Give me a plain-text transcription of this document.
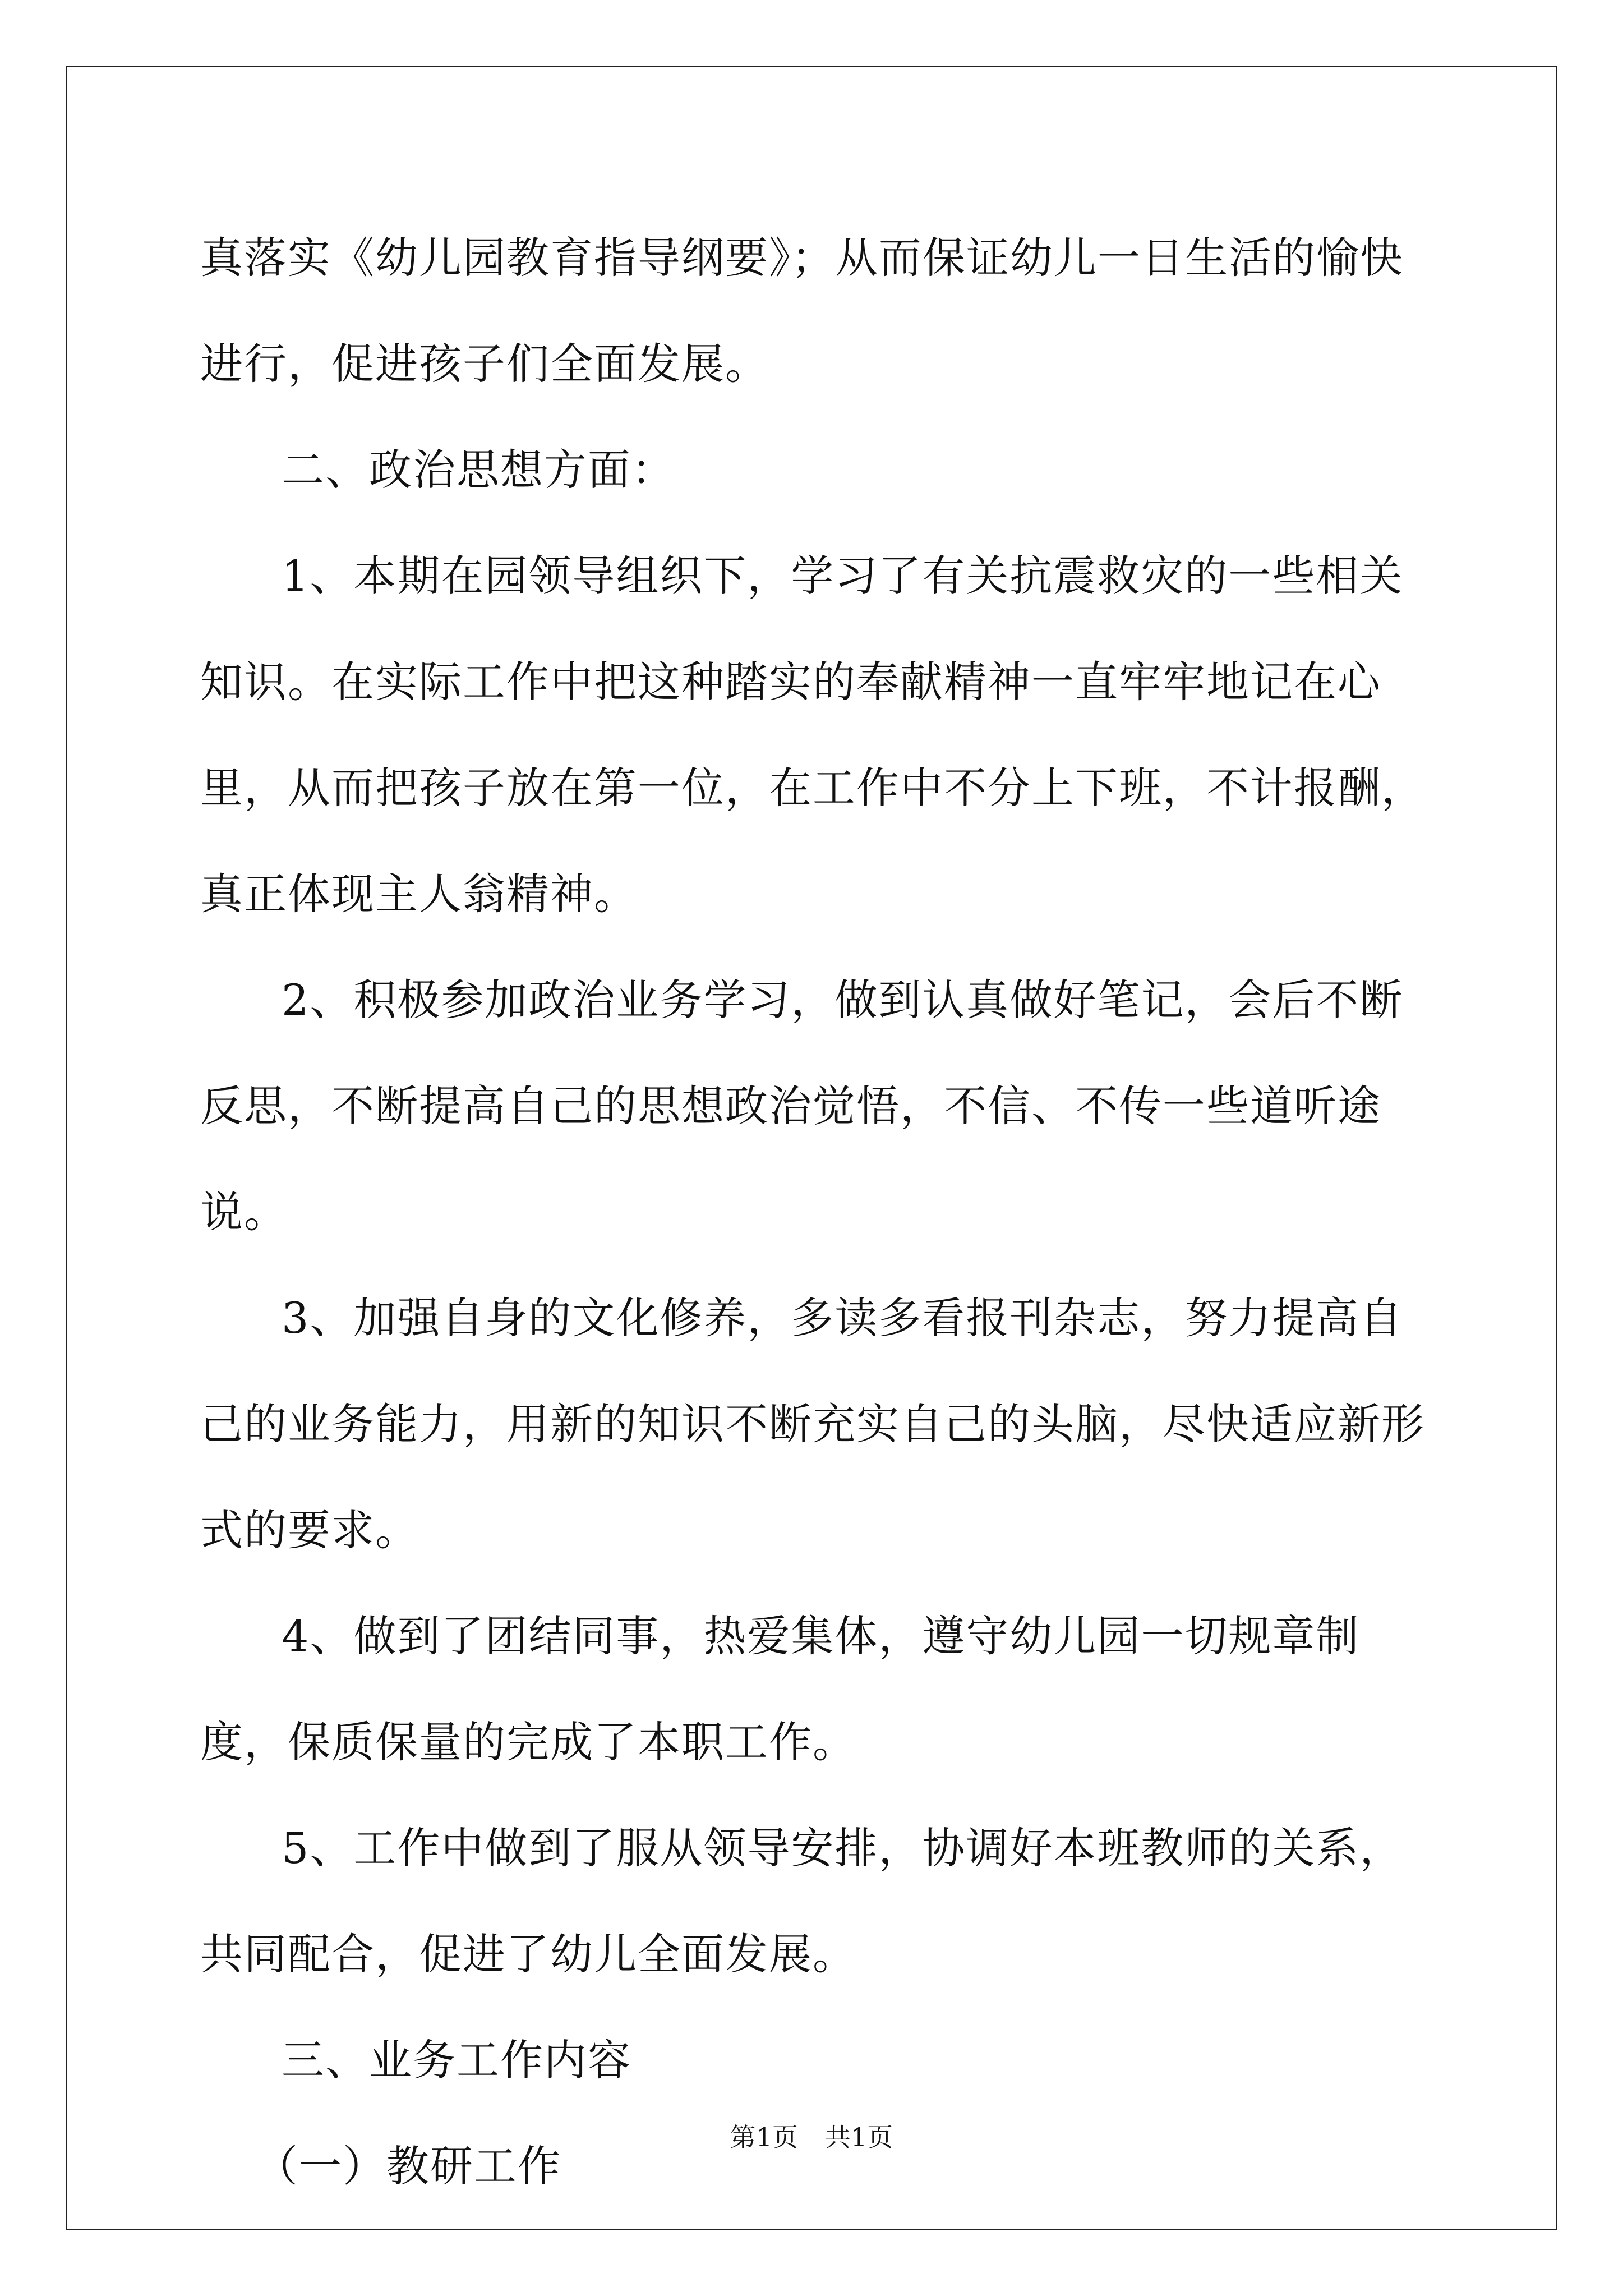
真落实《幼儿园教育指导纲要》；从而保证幼儿一日生活的愉快进行，促进孩子们全面发展。

二、政治思想方面：

1、本期在园领导组织下，学习了有关抗震救灾的一些相关知识。在实际工作中把这种踏实的奉献精神一直牢牢地记在心里，从而把孩子放在第一位，在工作中不分上下班，不计报酬，真正体现主人翁精神。

2、积极参加政治业务学习，做到认真做好笔记，会后不断反思，不断提高自己的思想政治觉悟，不信、不传一些道听途说。

3、加强自身的文化修养，多读多看报刊杂志，努力提高自己的业务能力，用新的知识不断充实自己的头脑，尽快适应新形式的要求。

4、做到了团结同事，热爱集体，遵守幼儿园一切规章制度，保质保量的完成了本职工作。

5、工作中做到了服从领导安排，协调好本班教师的关系，共同配合，促进了幼儿全面发展。

三、业务工作内容

（一）教研工作

第1页 共1页
